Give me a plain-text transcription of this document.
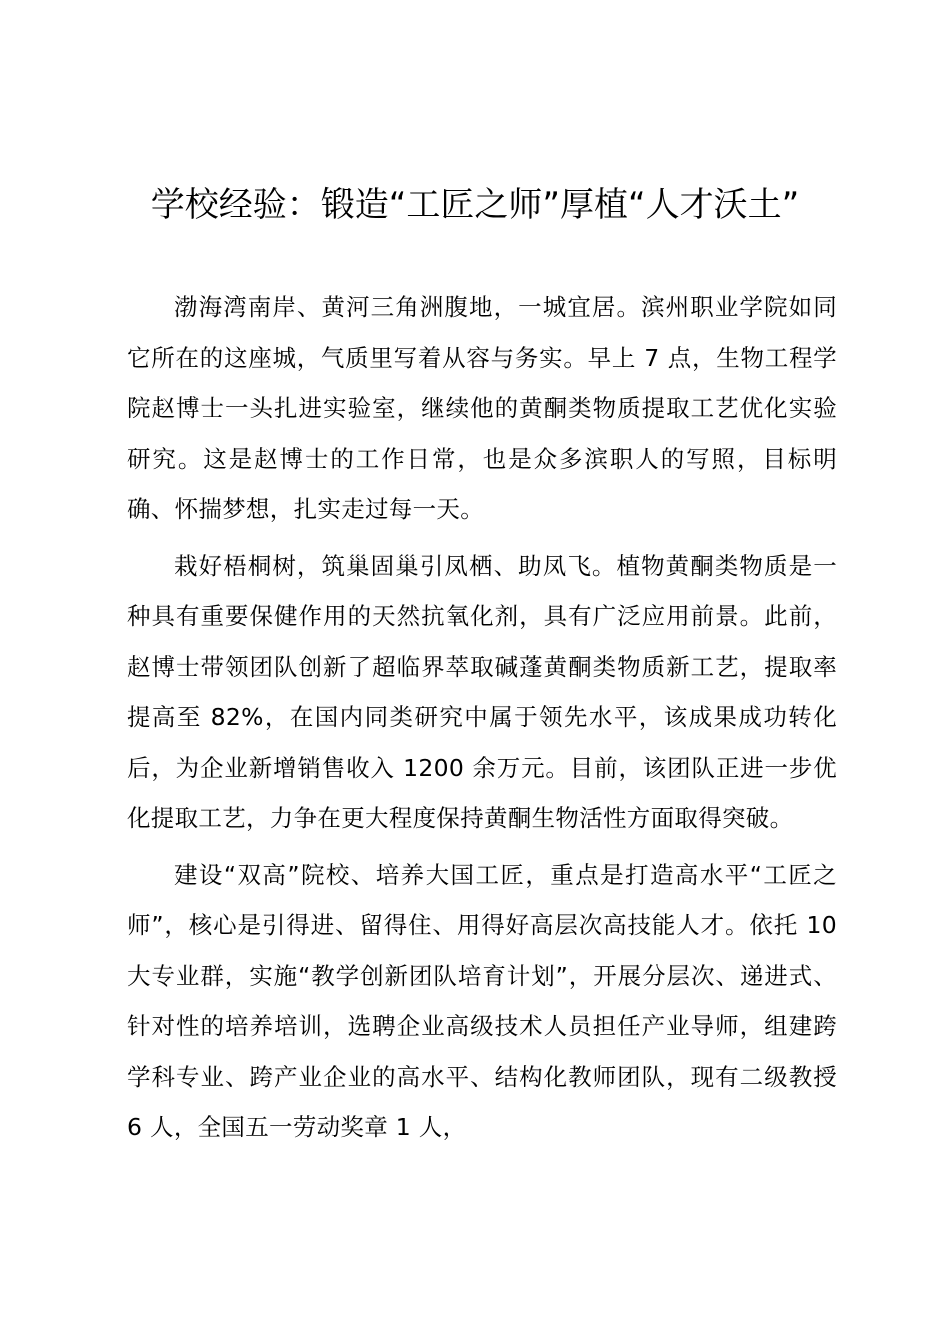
学校经验：锻造“工匠之师”厚植“人才沃土”

渤海湾南岸、黄河三角洲腹地，一城宜居。滨州职业学院如同它所在的这座城，气质里写着从容与务实。早上 7 点，生物工程学院赵博士一头扎进实验室，继续他的黄酮类物质提取工艺优化实验研究。这是赵博士的工作日常，也是众多滨职人的写照，目标明确、怀揣梦想，扎实走过每一天。

栽好梧桐树，筑巢固巢引凤栖、助凤飞。植物黄酮类物质是一种具有重要保健作用的天然抗氧化剂，具有广泛应用前景。此前，赵博士带领团队创新了超临界萃取碱蓬黄酮类物质新工艺，提取率提高至 82%，在国内同类研究中属于领先水平，该成果成功转化后，为企业新增销售收入 1200 余万元。目前，该团队正进一步优化提取工艺，力争在更大程度保持黄酮生物活性方面取得突破。

建设“双高”院校、培养大国工匠，重点是打造高水平“工匠之师”，核心是引得进、留得住、用得好高层次高技能人才。依托 10 大专业群，实施“教学创新团队培育计划”，开展分层次、递进式、针对性的培养培训，选聘企业高级技术人员担任产业导师，组建跨学科专业、跨产业企业的高水平、结构化教师团队，现有二级教授 6 人，全国五一劳动奖章 1 人，
